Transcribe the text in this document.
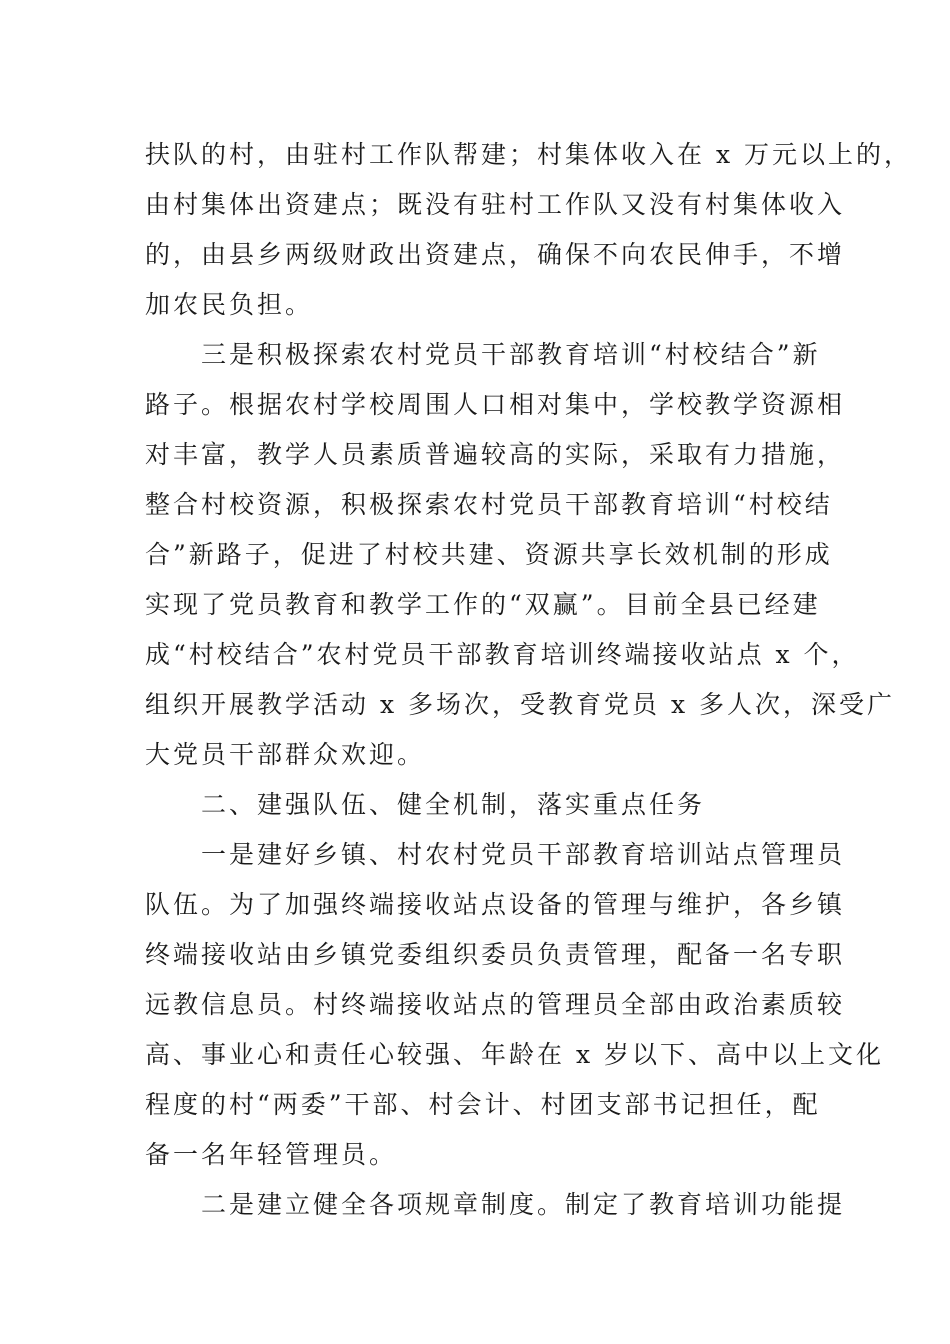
扶队的村，由驻村工作队帮建；村集体收入在 x 万元以上的，
由村集体出资建点；既没有驻村工作队又没有村集体收入
的，由县乡两级财政出资建点，确保不向农民伸手，不增
加农民负担。
　　三是积极探索农村党员干部教育培训“村校结合”新
路子。根据农村学校周围人口相对集中，学校教学资源相
对丰富，教学人员素质普遍较高的实际，采取有力措施，
整合村校资源，积极探索农村党员干部教育培训“村校结
合”新路子，促进了村校共建、资源共享长效机制的形成
实现了党员教育和教学工作的“双赢”。目前全县已经建
成“村校结合”农村党员干部教育培训终端接收站点 x 个，
组织开展教学活动 x 多场次，受教育党员 x 多人次，深受广
大党员干部群众欢迎。
　　二、建强队伍、健全机制，落实重点任务
　　一是建好乡镇、村农村党员干部教育培训站点管理员
队伍。为了加强终端接收站点设备的管理与维护，各乡镇
终端接收站由乡镇党委组织委员负责管理，配备一名专职
远教信息员。村终端接收站点的管理员全部由政治素质较
高、事业心和责任心较强、年龄在 x 岁以下、高中以上文化
程度的村“两委”干部、村会计、村团支部书记担任，配
备一名年轻管理员。
　　二是建立健全各项规章制度。制定了教育培训功能提
